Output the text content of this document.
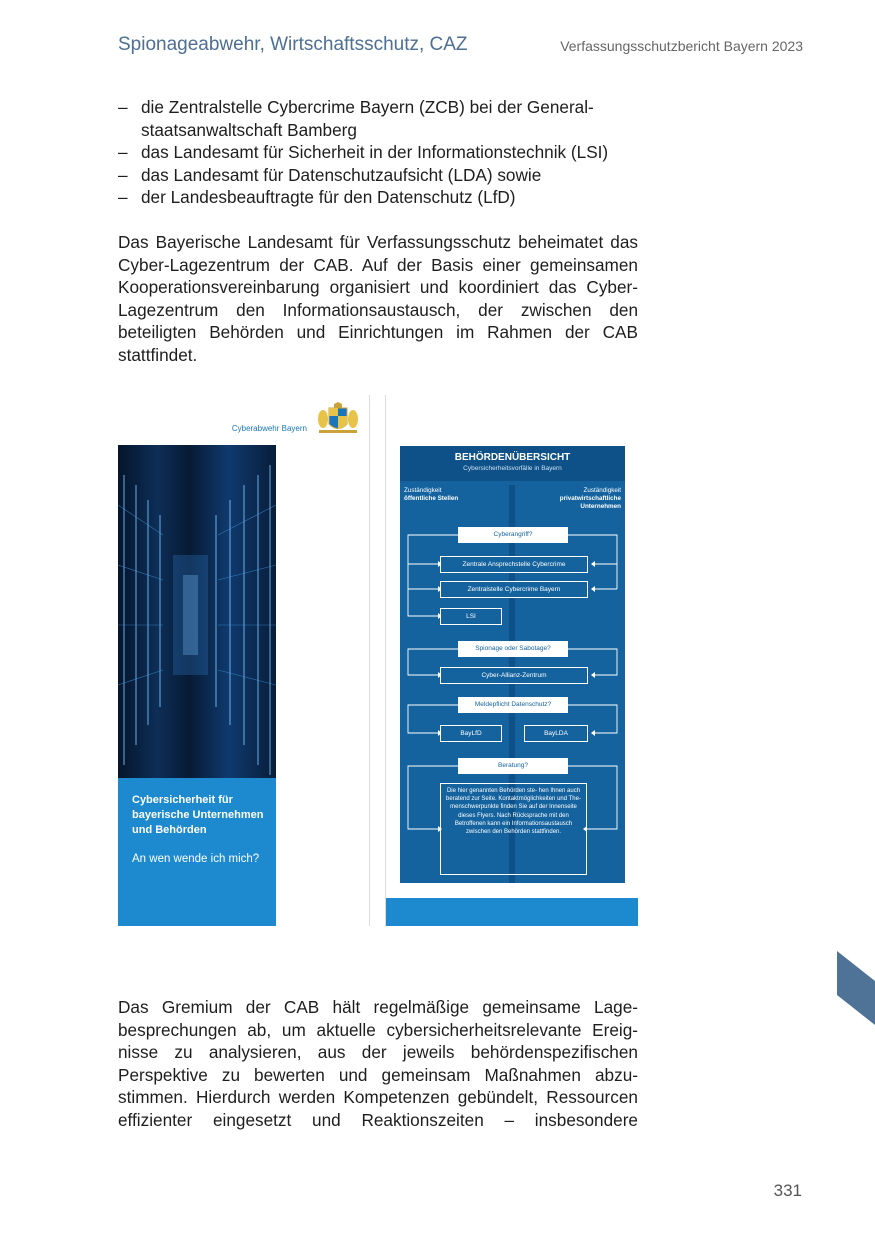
Spionageabwehr, Wirtschaftsschutz, CAZ	Verfassungsschutzbericht Bayern 2023
– die Zentralstelle Cybercrime Bayern (ZCB) bei der General-
staatsanwaltschaft Bamberg
– das Landesamt für Sicherheit in der Informationstechnik (LSI)
– das Landesamt für Datenschutzaufsicht (LDA) sowie
– der Landesbeauftragte für den Datenschutz (LfD)

Das Bayerische Landesamt für Verfassungsschutz beheimatet das Cyber-Lagezentrum der CAB. Auf der Basis einer gemeinsamen Kooperationsvereinbarung organisiert und koordiniert das Cyber-Lagezentrum den Informationsaustausch, der zwischen den beteiligten Behörden und Einrichtungen im Rahmen der CAB stattfindet.

Cyberabwehr Bayern
Cybersicherheit für bayerische Unternehmen und Behörden
An wen wende ich mich?
BEHÖRDENÜBERSICHT
Cybersicherheitsvorfälle in Bayern
Zuständigkeit
öffentliche Stellen
Zuständigkeit
privatwirtschaftliche
Unternehmen
Cyberangriff?
Zentrale Ansprechstelle Cybercrime
Zentralstelle Cybercrime Bayern
LSI
Spionage oder Sabotage?
Cyber-Allianz-Zentrum
Meldepflicht Datenschutz?
BayLfD	BayLDA
Beratung?
Die hier genannten Behörden ste- hen Ihnen auch beratend zur Seite. Kontaktmöglichkeiten und The- menschwerpunkte finden Sie auf der Innenseite dieses Flyers. Nach Rücksprache mit den Betroffenen kann ein Informationsaustausch zwischen den Behörden stattfinden.

Das Gremium der CAB hält regelmäßige gemeinsame Lagebesprechungen ab, um aktuelle cybersicherheitsrelevante Ereignisse zu analysieren, aus der jeweils behördenspezifischen Perspektive zu bewerten und gemeinsam Maßnahmen abzustimmen. Hierdurch werden Kompetenzen gebündelt, Ressourcen effizienter eingesetzt und Reaktionszeiten – insbesondere

331
